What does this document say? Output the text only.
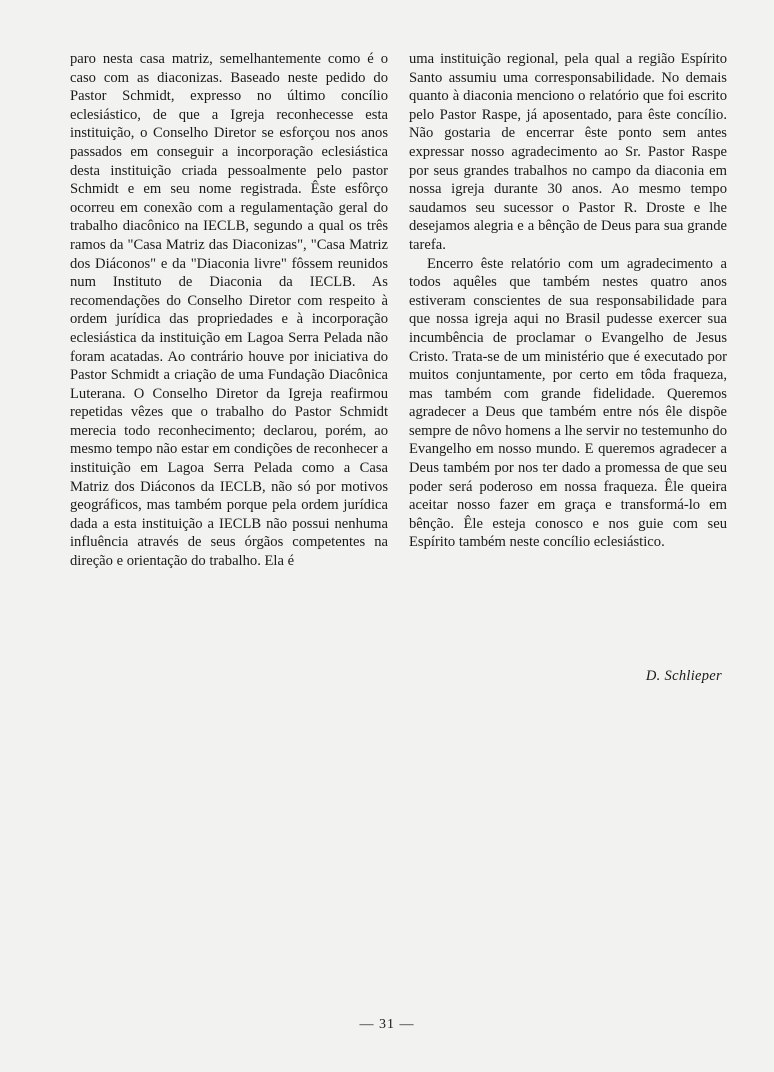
paro nesta casa matriz, semelhantemente como é o caso com as diaconizas. Baseado neste pedido do Pastor Schmidt, expresso no último concílio eclesiástico, de que a Igreja reconhecesse esta instituição, o Conselho Diretor se esforçou nos anos passados em conseguir a incorporação eclesiástica desta instituição criada pessoalmente pelo pastor Schmidt e em seu nome registrada. Êste esfôrço ocorreu em conexão com a regulamentação geral do trabalho diacônico na IECLB, segundo a qual os três ramos da "Casa Matriz das Diaconizas", "Casa Matriz dos Diáconos" e da "Diaconia livre" fôssem reunidos num Instituto de Diaconia da IECLB. As recomendações do Conselho Diretor com respeito à ordem jurídica das propriedades e à incorporação eclesiástica da instituição em Lagoa Serra Pelada não foram acatadas. Ao contrário houve por iniciativa do Pastor Schmidt a criação de uma Fundação Diacônica Luterana. O Conselho Diretor da Igreja reafirmou repetidas vêzes que o trabalho do Pastor Schmidt merecia todo reconhecimento; declarou, porém, ao mesmo tempo não estar em condições de reconhecer a instituição em Lagoa Serra Pelada como a Casa Matriz dos Diáconos da IECLB, não só por motivos geográficos, mas também porque pela ordem jurídica dada a esta instituição a IECLB não possui nenhuma influência através de seus órgãos competentes na direção e orientação do trabalho. Ela é

uma instituição regional, pela qual a região Espírito Santo assumiu uma corresponsabilidade. No demais quanto à diaconia menciono o relatório que foi escrito pelo Pastor Raspe, já aposentado, para êste concílio. Não gostaria de encerrar êste ponto sem antes expressar nosso agradecimento ao Sr. Pastor Raspe por seus grandes trabalhos no campo da diaconia em nossa igreja durante 30 anos. Ao mesmo tempo saudamos seu sucessor o Pastor R. Droste e lhe desejamos alegria e a bênção de Deus para sua grande tarefa.

Encerro êste relatório com um agradecimento a todos aquêles que também nestes quatro anos estiveram conscientes de sua responsabilidade para que nossa igreja aqui no Brasil pudesse exercer sua incumbência de proclamar o Evangelho de Jesus Cristo. Trata-se de um ministério que é executado por muitos conjuntamente, por certo em tôda fraqueza, mas também com grande fidelidade. Queremos agradecer a Deus que também entre nós êle dispõe sempre de nôvo homens a lhe servir no testemunho do Evangelho em nosso mundo. E queremos agradecer a Deus também por nos ter dado a promessa de que seu poder será poderoso em nossa fraqueza. Êle queira aceitar nosso fazer em graça e transformá-lo em bênção. Êle esteja conosco e nos guie com seu Espírito também neste concílio eclesiástico.

D. Schlieper
— 31 —
